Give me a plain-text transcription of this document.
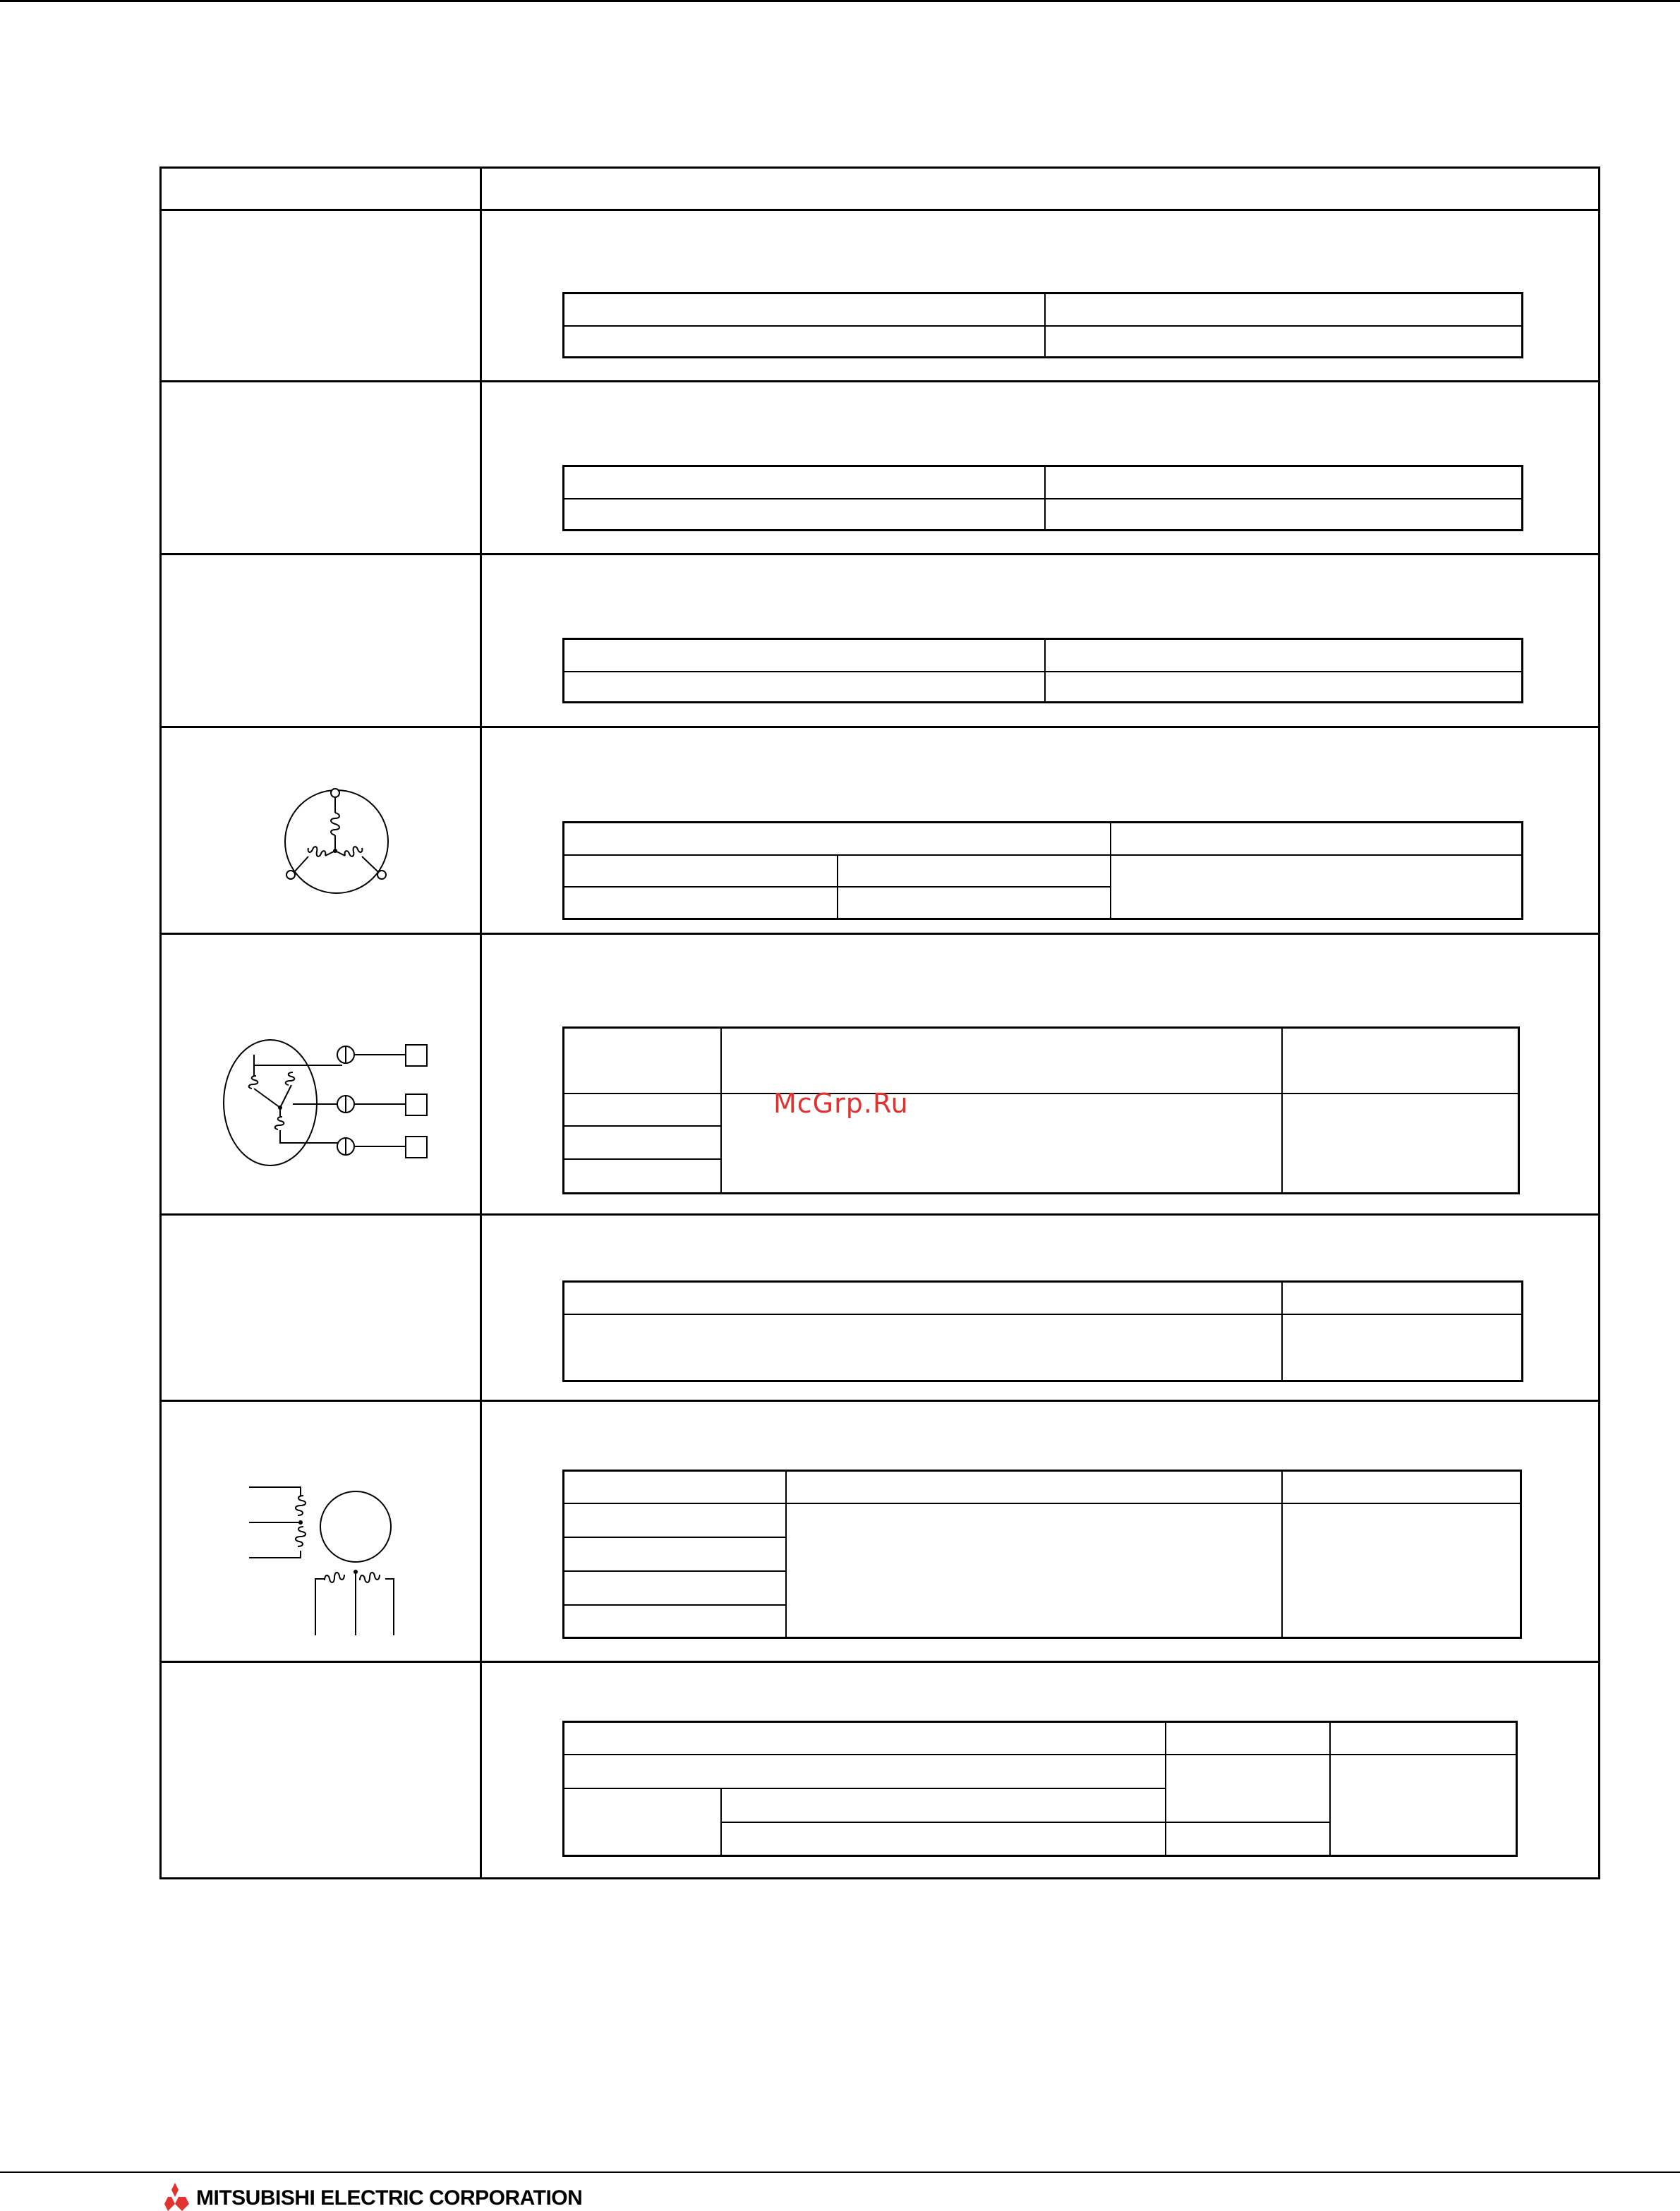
McGrp.Ru
MITSUBISHI ELECTRIC CORPORATION
